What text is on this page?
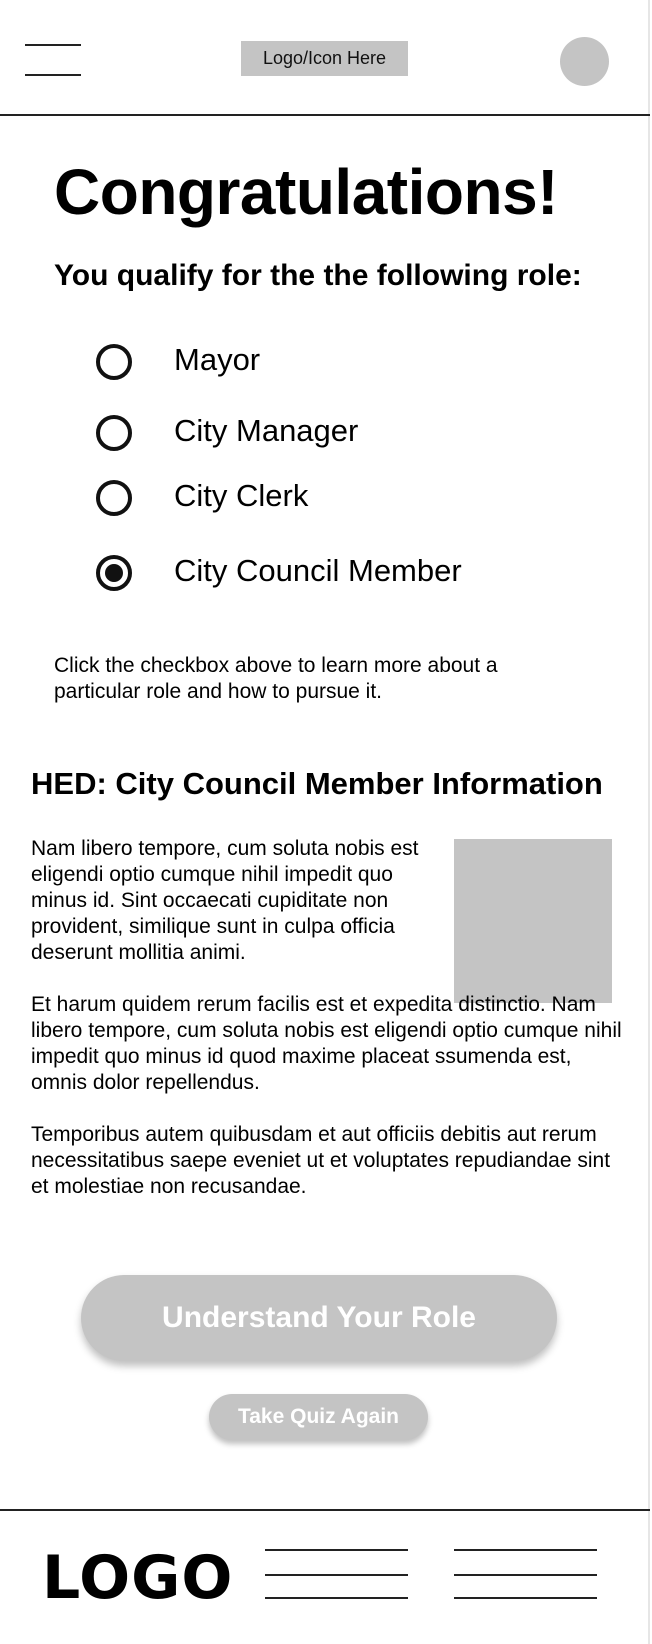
Logo/Icon Here
Congratulations!

You qualify for the the following role:

Mayor
City Manager
City Clerk
City Council Member

Click the checkbox above to learn more about a particular role and how to pursue it.

HED: City Council Member Information

Nam libero tempore, cum soluta nobis est eligendi optio cumque nihil impedit quo minus id. Sint occaecati cupiditate non provident, similique sunt in culpa officia deserunt mollitia animi.

Et harum quidem rerum facilis est et expedita distinctio. Nam libero tempore, cum soluta nobis est eligendi optio cumque nihil impedit quo minus id quod maxime placeat ssumenda est, omnis dolor repellendus.

Temporibus autem quibusdam et aut officiis debitis aut rerum necessitatibus saepe eveniet ut et voluptates repudiandae sint et molestiae non recusandae.

Understand Your Role
Take Quiz Again
LOGO
